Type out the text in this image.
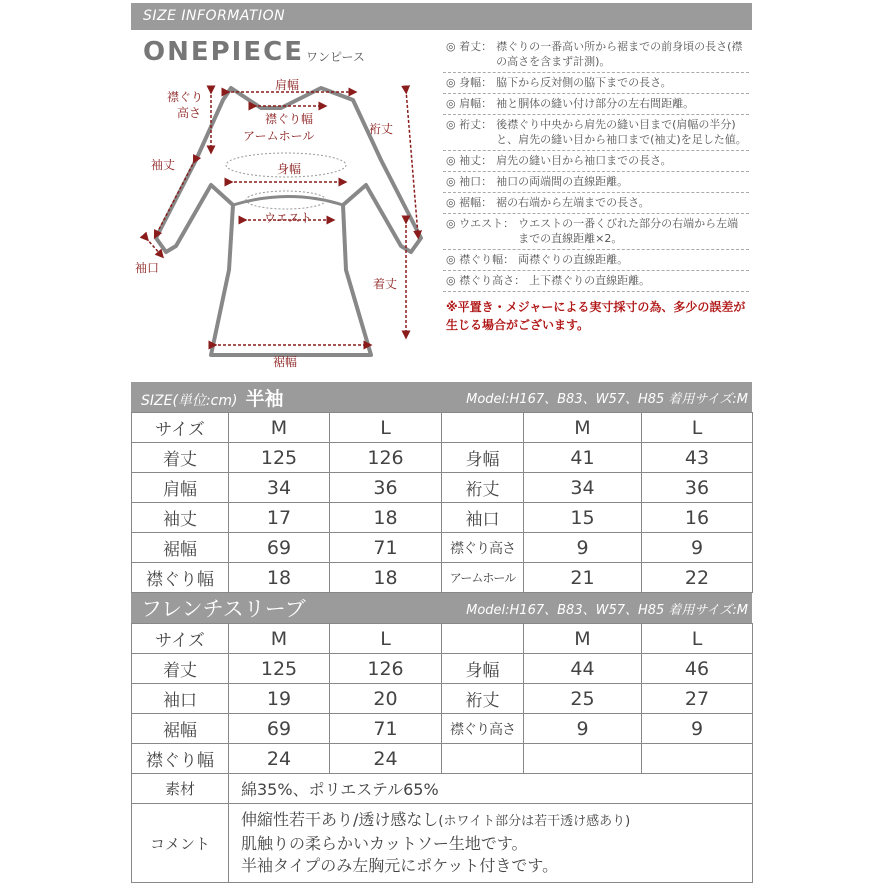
SIZE INFORMATION
ONEPIECE ワンピース
肩幅
襟ぐり
高さ	襟ぐり幅
アームホール	裄丈
袖丈	身幅
ウエスト
袖口
着丈
裾幅
◎ 着丈： 襟ぐりの一番高い所から裾までの前身頃の長さ(襟の高さを含まず計測)。
◎ 身幅： 脇下から反対側の脇下までの長さ。
◎ 肩幅： 袖と胴体の縫い付け部分の左右間距離。
◎ 裄丈： 後襟ぐり中央から肩先の縫い目まで(肩幅の半分)と、肩先の縫い目から袖口まで(袖丈)を足した値。
◎ 袖丈： 肩先の縫い目から袖口までの長さ。
◎ 袖口： 袖口の両端間の直線距離。
◎ 裾幅： 裾の右端から左端までの長さ。
◎ ウエスト： ウエストの一番くびれた部分の右端から左端までの直線距離×2。
◎ 襟ぐり幅： 両襟ぐりの直線距離。
◎ 襟ぐり高さ： 上下襟ぐりの直線距離。
※平置き・メジャーによる実寸採寸の為、多少の誤差が生じる場合がございます。
SIZE(単位:cm) 半袖	Model:H167、B83、W57、H85 着用サイズ:M
サイズ	M	L		M	L
着丈	125	126	身幅	41	43
肩幅	34	36	裄丈	34	36
袖丈	17	18	袖口	15	16
裾幅	69	71	襟ぐり高さ	9	9
襟ぐり幅	18	18	アームホール	21	22
フレンチスリーブ	Model:H167、B83、W57、H85 着用サイズ:M
サイズ	M	L		M	L
着丈	125	126	身幅	44	46
袖口	19	20	裄丈	25	27
裾幅	69	71	襟ぐり高さ	9	9
襟ぐり幅	24	24			
素材	綿35%、ポリエステル65%
コメント	伸縮性若干あり/透け感なし(ホワイト部分は若干透け感あり)
肌触りの柔らかいカットソー生地です。
半袖タイプのみ左胸元にポケット付きです。
